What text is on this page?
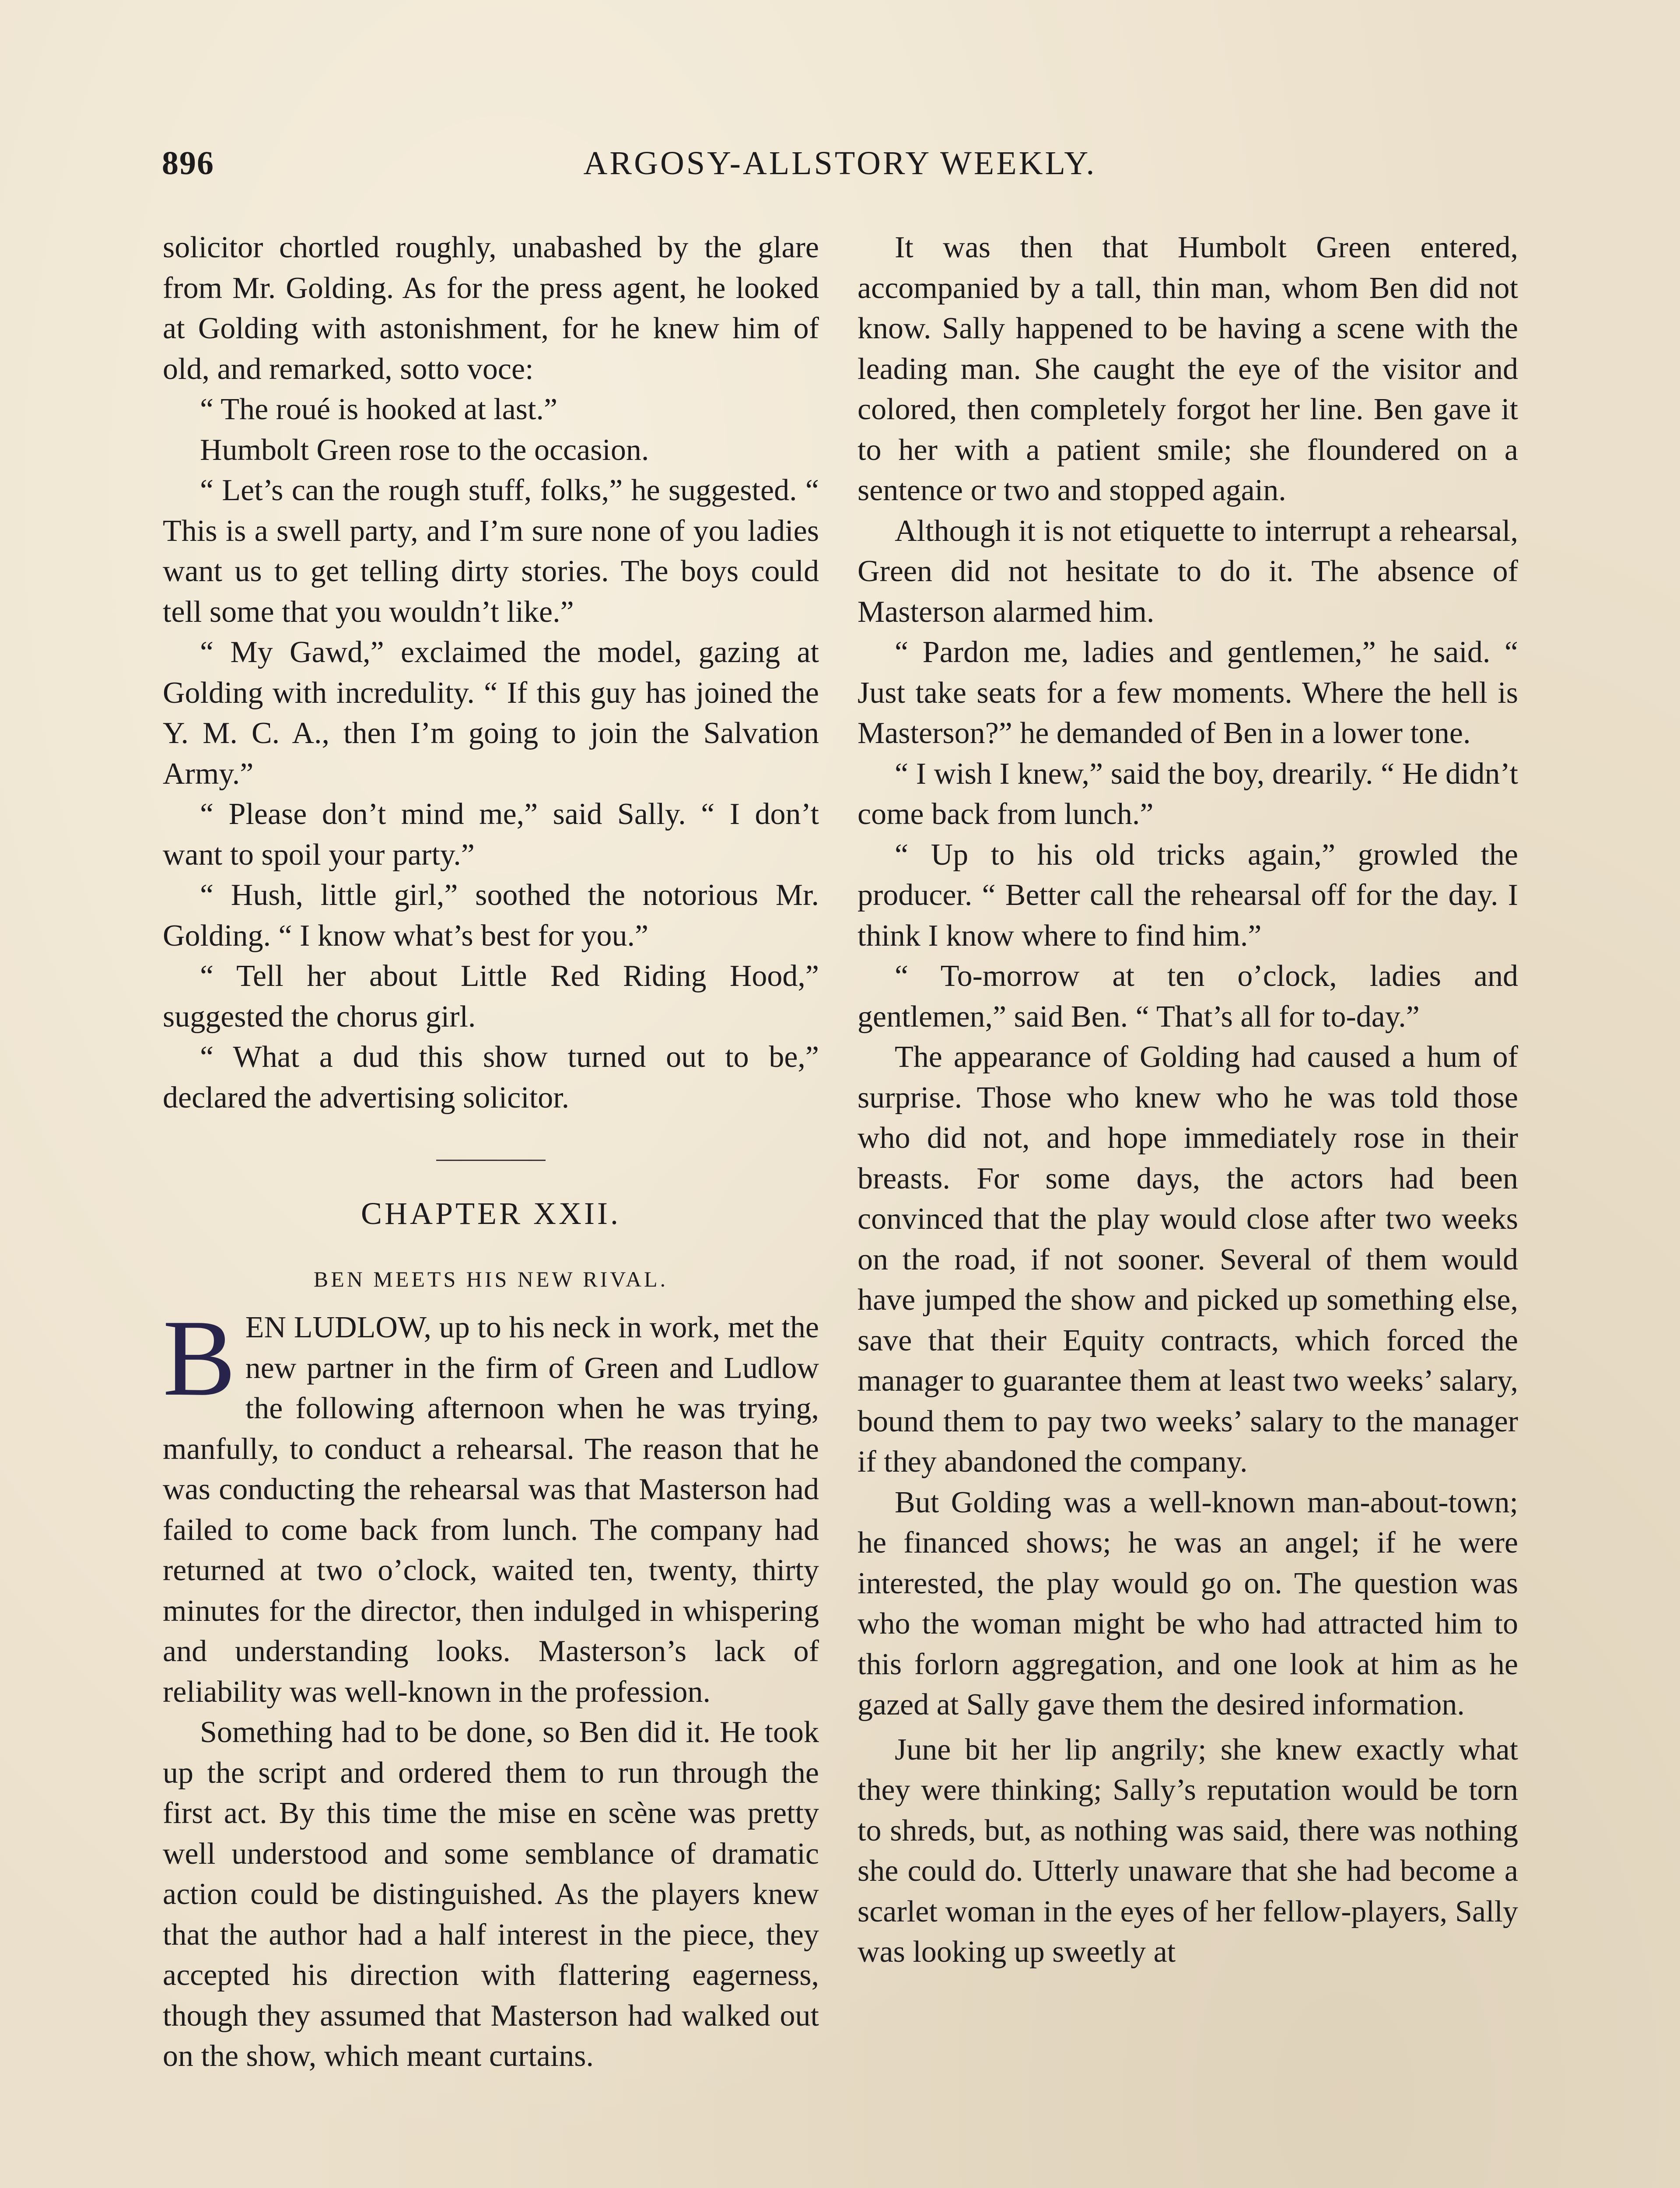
896	ARGOSY-ALLSTORY WEEKLY.

solicitor chortled roughly, unabashed by the glare from Mr. Golding. As for the press agent, he looked at Golding with astonishment, for he knew him of old, and remarked, sotto voce:

“ The roué is hooked at last.”

Humbolt Green rose to the occasion.

“ Let’s can the rough stuff, folks,” he suggested. “ This is a swell party, and I’m sure none of you ladies want us to get telling dirty stories. The boys could tell some that you wouldn’t like.”

“ My Gawd,” exclaimed the model, gazing at Golding with incredulity. “ If this guy has joined the Y. M. C. A., then I’m going to join the Salvation Army.”

“ Please don’t mind me,” said Sally. “ I don’t want to spoil your party.”

“ Hush, little girl,” soothed the notorious Mr. Golding. “ I know what’s best for you.”

“ Tell her about Little Red Riding Hood,” suggested the chorus girl.

“ What a dud this show turned out to be,” declared the advertising solicitor.

CHAPTER XXII.
BEN MEETS HIS NEW RIVAL.

BEN LUDLOW, up to his neck in work, met the new partner in the firm of Green and Ludlow the following afternoon when he was trying, manfully, to conduct a rehearsal. The reason that he was conducting the rehearsal was that Masterson had failed to come back from lunch. The company had returned at two o’clock, waited ten, twenty, thirty minutes for the director, then indulged in whispering and understanding looks. Masterson’s lack of reliability was well-known in the profession.

Something had to be done, so Ben did it. He took up the script and ordered them to run through the first act. By this time the mise en scène was pretty well understood and some semblance of dramatic action could be distinguished. As the players knew that the author had a half interest in the piece, they accepted his direction with flattering eagerness, though they assumed that Masterson had walked out on the show, which meant curtains.

It was then that Humbolt Green entered, accompanied by a tall, thin man, whom Ben did not know. Sally happened to be having a scene with the leading man. She caught the eye of the visitor and colored, then completely forgot her line. Ben gave it to her with a patient smile; she floundered on a sentence or two and stopped again.

Although it is not etiquette to interrupt a rehearsal, Green did not hesitate to do it. The absence of Masterson alarmed him.

“ Pardon me, ladies and gentlemen,” he said. “ Just take seats for a few moments. Where the hell is Masterson?” he demanded of Ben in a lower tone.

“ I wish I knew,” said the boy, drearily. “ He didn’t come back from lunch.”

“ Up to his old tricks again,” growled the producer. “ Better call the rehearsal off for the day. I think I know where to find him.”

“ To-morrow at ten o’clock, ladies and gentlemen,” said Ben. “ That’s all for to-day.”

The appearance of Golding had caused a hum of surprise. Those who knew who he was told those who did not, and hope immediately rose in their breasts. For some days, the actors had been convinced that the play would close after two weeks on the road, if not sooner. Several of them would have jumped the show and picked up something else, save that their Equity contracts, which forced the manager to guarantee them at least two weeks’ salary, bound them to pay two weeks’ salary to the manager if they abandoned the company.

But Golding was a well-known man-about-town; he financed shows; he was an angel; if he were interested, the play would go on. The question was who the woman might be who had attracted him to this forlorn aggregation, and one look at him as he gazed at Sally gave them the desired information.

June bit her lip angrily; she knew exactly what they were thinking; Sally’s reputation would be torn to shreds, but, as nothing was said, there was nothing she could do. Utterly unaware that she had become a scarlet woman in the eyes of her fellow-players, Sally was looking up sweetly at
